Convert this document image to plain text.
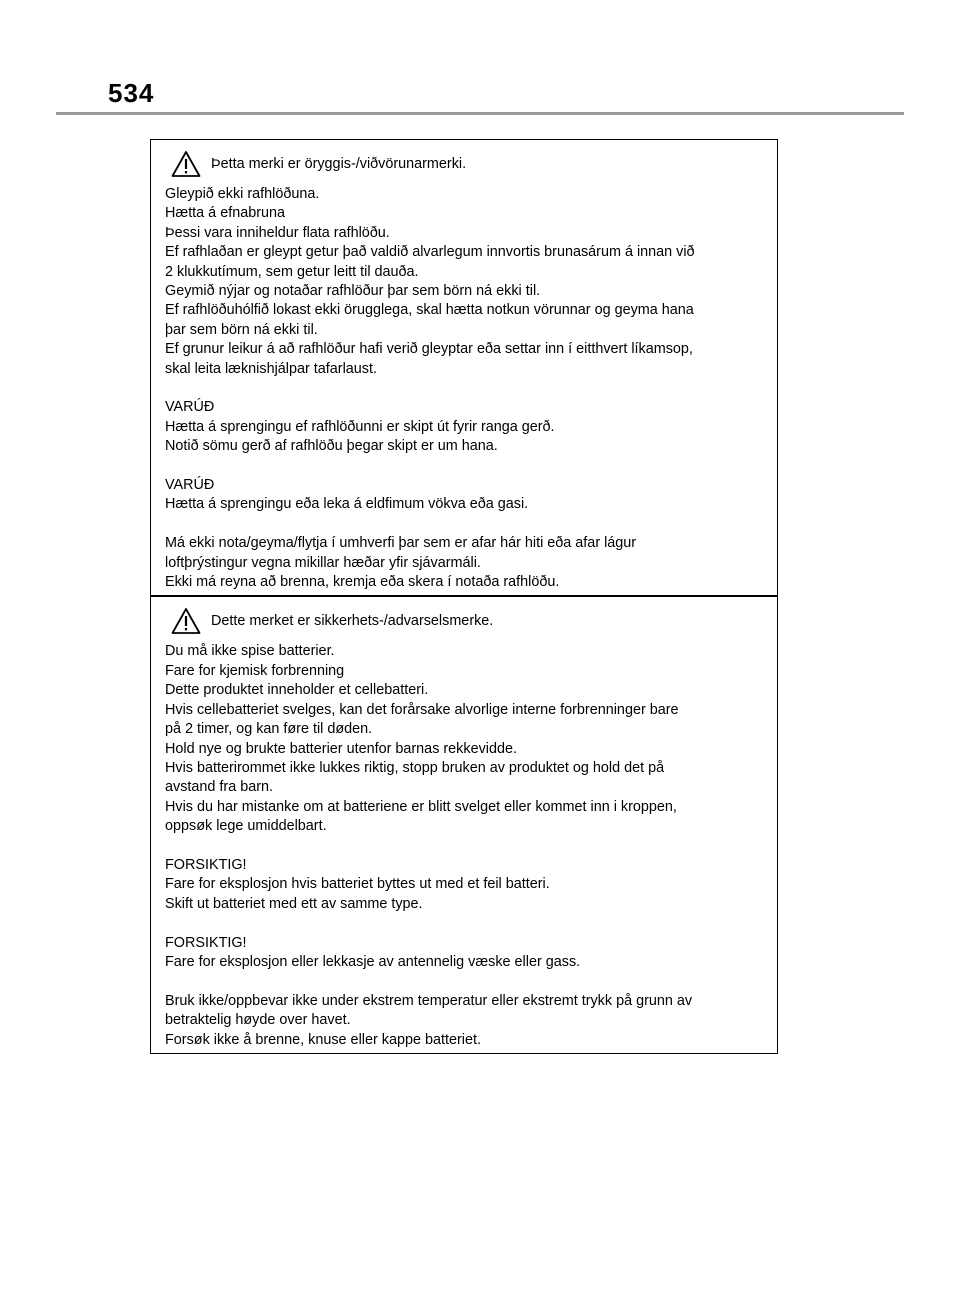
534
Þetta merki er öryggis-/viðvörunarmerki.
Gleypið ekki rafhlöðuna.
Hætta á efnabruna
Þessi vara inniheldur flata rafhlöðu.
Ef rafhlaðan er gleypt getur það valdið alvarlegum innvortis brunasárum á innan við
2 klukkutímum, sem getur leitt til dauða.
Geymið nýjar og notaðar rafhlöður þar sem börn ná ekki til.
Ef rafhlöðuhólfið lokast ekki örugglega, skal hætta notkun vörunnar og geyma hana
þar sem börn ná ekki til.
Ef grunur leikur á að rafhlöður hafi verið gleyptar eða settar inn í eitthvert líkamsop,
skal leita læknishjálpar tafarlaust.
VARÚÐ
Hætta á sprengingu ef rafhlöðunni er skipt út fyrir ranga gerð.
Notið sömu gerð af rafhlöðu þegar skipt er um hana.
VARÚÐ
Hætta á sprengingu eða leka á eldfimum vökva eða gasi.
Má ekki nota/geyma/flytja í umhverfi þar sem er afar hár hiti eða afar lágur
loftþrýstingur vegna mikillar hæðar yfir sjávarmáli.
Ekki má reyna að brenna, kremja eða skera í notaða rafhlöðu.
Dette merket er sikkerhets-/advarselsmerke.
Du må ikke spise batterier.
Fare for kjemisk forbrenning
Dette produktet inneholder et cellebatteri.
Hvis cellebatteriet svelges, kan det forårsake alvorlige interne forbrenninger bare
på 2 timer, og kan føre til døden.
Hold nye og brukte batterier utenfor barnas rekkevidde.
Hvis batterirommet ikke lukkes riktig, stopp bruken av produktet og hold det på
avstand fra barn.
Hvis du har mistanke om at batteriene er blitt svelget eller kommet inn i kroppen,
oppsøk lege umiddelbart.
FORSIKTIG!
Fare for eksplosjon hvis batteriet byttes ut med et feil batteri.
Skift ut batteriet med ett av samme type.
FORSIKTIG!
Fare for eksplosjon eller lekkasje av antennelig væske eller gass.
Bruk ikke/oppbevar ikke under ekstrem temperatur eller ekstremt trykk på grunn av
betraktelig høyde over havet.
Forsøk ikke å brenne, knuse eller kappe batteriet.
